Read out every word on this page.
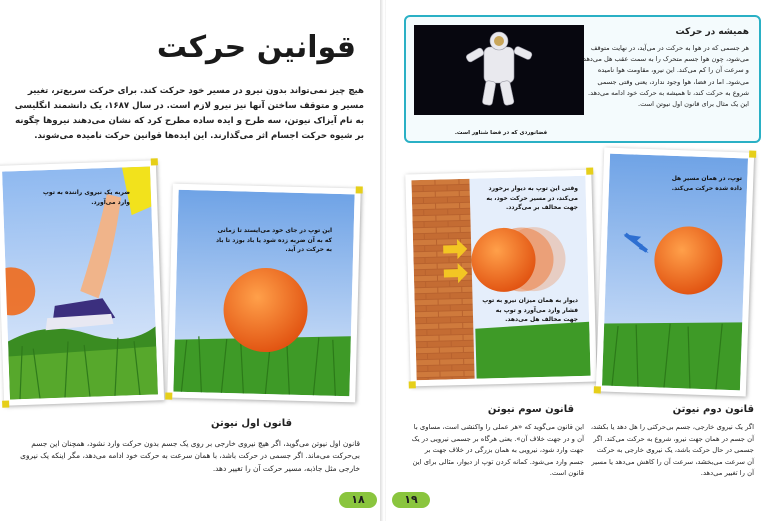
قوانین حرکت
هیچ چیز نمی‌تواند بدون نیرو در مسیر خود حرکت کند. برای حرکت سریع‌تر، تغییر مسیر و متوقف ساختن آنها نیز نیرو لازم است. در سال ۱۶۸۷، یک دانشمند انگلیسی به نام آیزاک نیوتن، سه طرح و ایده ساده مطرح کرد که نشان می‌دهند نیروها چگونه بر شیوه حرکت اجسام اثر می‌گذارند. این ایده‌ها قوانین حرکت نامیده می‌شوند.
ضربه یک نیروی راننده به توپ وارد می‌آورد.
این توپ در جای خود می‌ایستد تا زمانی که به آن ضربه زده شود یا باد بوزد تا باد به حرکت در آید.
قانون اول نیوتن
قانون اول نیوتن می‌گوید، اگر هیچ نیروی خارجی بر روی یک جسم بدون حرکت وارد نشود، همچنان این جسم بی‌حرکت می‌ماند. اگر جسمی در حرکت باشد، با همان سرعت به حرکت خود ادامه می‌دهد، مگر اینکه یک نیروی خارجی مثل جاذبه، مسیر حرکت آن را تغییر دهد.
۱۸
فضانوردی که در فضا شناور است.
همیشه در حرکت
هر جسمی که در هوا به حرکت در می‌آید، در نهایت متوقف می‌شود، چون هوا جسم متحرک را به سمت عقب هل می‌دهد و سرعت آن را کم می‌کند. این نیرو، مقاومت هوا نامیده می‌شود. اما در فضا، هوا وجود ندارد، یعنی وقتی جسمی شروع به حرکت کند، تا همیشه به حرکت خود ادامه می‌دهد. این یک مثال برای قانون اول نیوتن است.
وقتی این توپ به دیوار برخورد می‌کند، در مسیر حرکت خود، به جهت مخالف بر می‌گردد.
دیوار به همان میزان نیرو به توپ فشار وارد می‌آورد و توپ به جهت مخالف هل می‌دهد.
توپ، در همان مسیر هل داده شده حرکت می‌کند.
قانون سوم نیوتن
این قانون می‌گوید که «هر عملی را واکنشی است، مساوی با آن و در جهت خلاف آن». یعنی هرگاه بر جسمی نیرویی در یک جهت وارد شود، نیرویی به همان بزرگی در خلاف جهت بر جسم وارد می‌شود. کمانه کردن توپ از دیوار، مثالی برای این قانون است.
قانون دوم نیوتن
اگر یک نیروی خارجی، جسم بی‌حرکتی را هل دهد یا بکشد، آن جسم در همان جهت نیرو، شروع به حرکت می‌کند. اگر جسمی در حال حرکت باشد، یک نیروی خارجی به حرکت آن سرعت می‌بخشد، سرعت آن را کاهش می‌دهد یا مسیر آن را تغییر می‌دهد.
۱۹
